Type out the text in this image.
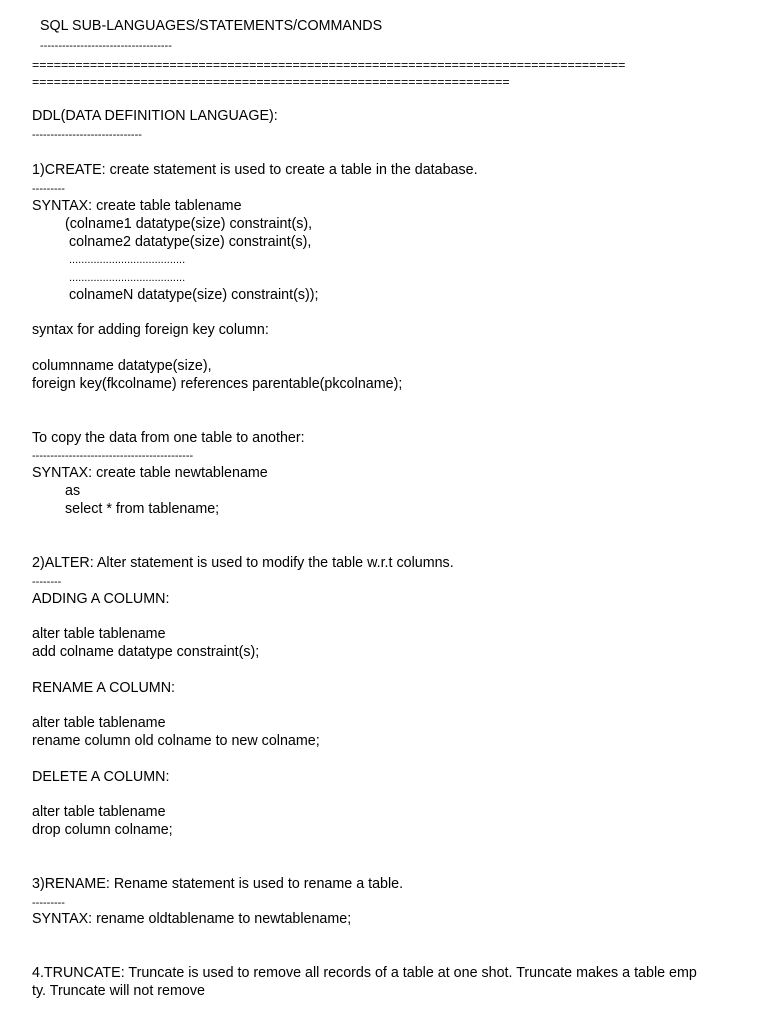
SQL SUB-LANGUAGES/STATEMENTS/COMMANDS
------------------------------------
==================================================================================
==================================================================
DDL(DATA DEFINITION LANGUAGE):
------------------------------
1)CREATE: create statement is used to create a table in the database.
---------
SYNTAX: create table tablename
(colname1 datatype(size) constraint(s),
colname2 datatype(size) constraint(s),
......................................
......................................
colnameN datatype(size) constraint(s));
syntax for adding foreign key column:
columnname datatype(size),
foreign key(fkcolname) references parentable(pkcolname);
To copy the data from one table to another:
--------------------------------------------
SYNTAX: create table newtablename
as
select * from tablename;
2)ALTER: Alter statement is used to modify the table w.r.t columns.
--------
ADDING A COLUMN:
alter table tablename
add colname datatype constraint(s);
RENAME A COLUMN:
alter table tablename
rename column old colname to new colname;
DELETE A COLUMN:
alter table tablename
drop column colname;
3)RENAME: Rename statement is used to rename a table.
---------
SYNTAX: rename oldtablename to newtablename;
4.TRUNCATE: Truncate is used to remove all records of a table at one shot. Truncate makes a table emp
ty. Truncate will not remove
